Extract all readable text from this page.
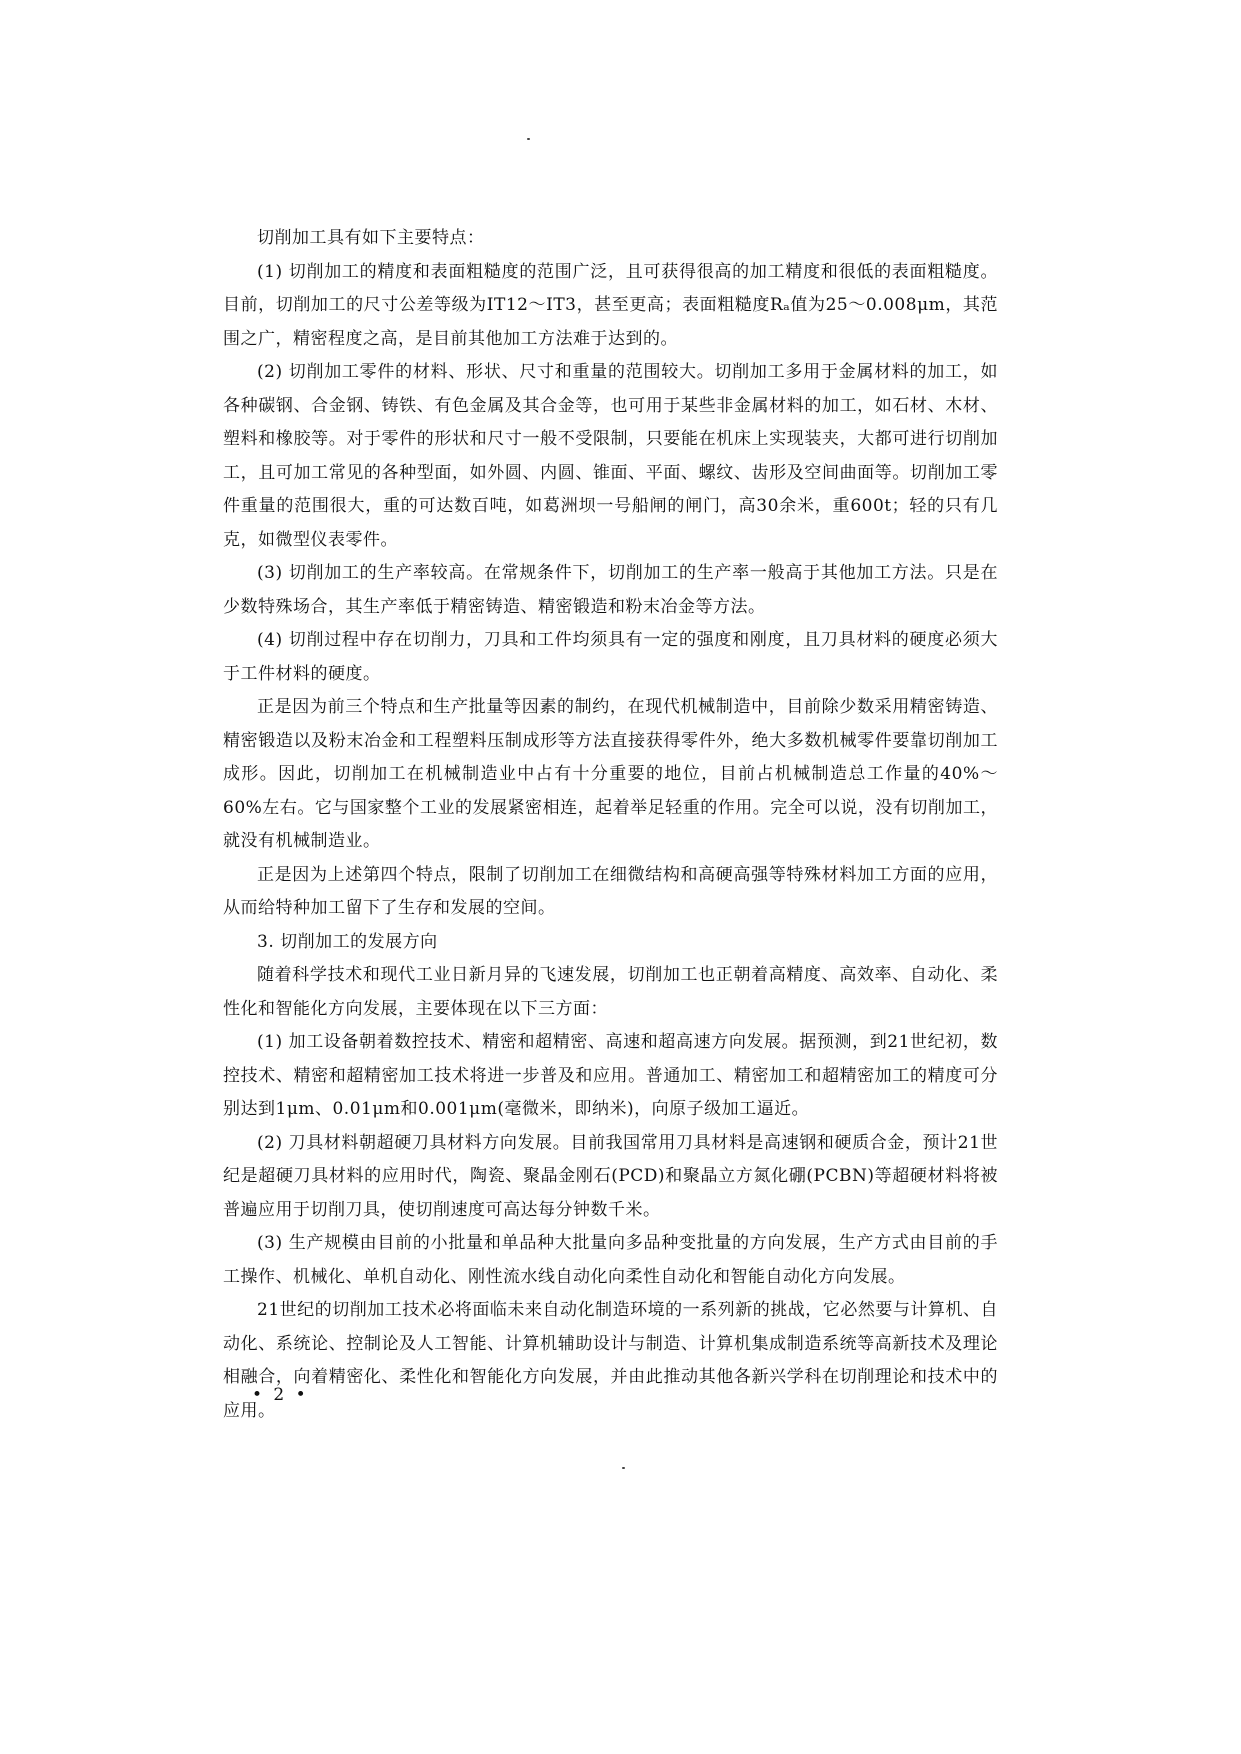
切削加工具有如下主要特点：

(1) 切削加工的精度和表面粗糙度的范围广泛，且可获得很高的加工精度和很低的表面粗糙度。目前，切削加工的尺寸公差等级为IT12～IT3，甚至更高；表面粗糙度Rₐ值为25～0.008μm，其范围之广，精密程度之高，是目前其他加工方法难于达到的。

(2) 切削加工零件的材料、形状、尺寸和重量的范围较大。切削加工多用于金属材料的加工，如各种碳钢、合金钢、铸铁、有色金属及其合金等，也可用于某些非金属材料的加工，如石材、木材、塑料和橡胶等。对于零件的形状和尺寸一般不受限制，只要能在机床上实现装夹，大都可进行切削加工，且可加工常见的各种型面，如外圆、内圆、锥面、平面、螺纹、齿形及空间曲面等。切削加工零件重量的范围很大，重的可达数百吨，如葛洲坝一号船闸的闸门，高30余米，重600t；轻的只有几克，如微型仪表零件。

(3) 切削加工的生产率较高。在常规条件下，切削加工的生产率一般高于其他加工方法。只是在少数特殊场合，其生产率低于精密铸造、精密锻造和粉末冶金等方法。

(4) 切削过程中存在切削力，刀具和工件均须具有一定的强度和刚度，且刀具材料的硬度必须大于工件材料的硬度。

正是因为前三个特点和生产批量等因素的制约，在现代机械制造中，目前除少数采用精密铸造、精密锻造以及粉末冶金和工程塑料压制成形等方法直接获得零件外，绝大多数机械零件要靠切削加工成形。因此，切削加工在机械制造业中占有十分重要的地位，目前占机械制造总工作量的40%～60%左右。它与国家整个工业的发展紧密相连，起着举足轻重的作用。完全可以说，没有切削加工，就没有机械制造业。

正是因为上述第四个特点，限制了切削加工在细微结构和高硬高强等特殊材料加工方面的应用，从而给特种加工留下了生存和发展的空间。

3. 切削加工的发展方向

随着科学技术和现代工业日新月异的飞速发展，切削加工也正朝着高精度、高效率、自动化、柔性化和智能化方向发展，主要体现在以下三方面：

(1) 加工设备朝着数控技术、精密和超精密、高速和超高速方向发展。据预测，到21世纪初，数控技术、精密和超精密加工技术将进一步普及和应用。普通加工、精密加工和超精密加工的精度可分别达到1μm、0.01μm和0.001μm(毫微米，即纳米)，向原子级加工逼近。

(2) 刀具材料朝超硬刀具材料方向发展。目前我国常用刀具材料是高速钢和硬质合金，预计21世纪是超硬刀具材料的应用时代，陶瓷、聚晶金刚石(PCD)和聚晶立方氮化硼(PCBN)等超硬材料将被普遍应用于切削刀具，使切削速度可高达每分钟数千米。

(3) 生产规模由目前的小批量和单品种大批量向多品种变批量的方向发展，生产方式由目前的手工操作、机械化、单机自动化、刚性流水线自动化向柔性自动化和智能自动化方向发展。

21世纪的切削加工技术必将面临未来自动化制造环境的一系列新的挑战，它必然要与计算机、自动化、系统论、控制论及人工智能、计算机辅助设计与制造、计算机集成制造系统等高新技术及理论相融合，向着精密化、柔性化和智能化方向发展，并由此推动其他各新兴学科在切削理论和技术中的应用。

• 2 •
